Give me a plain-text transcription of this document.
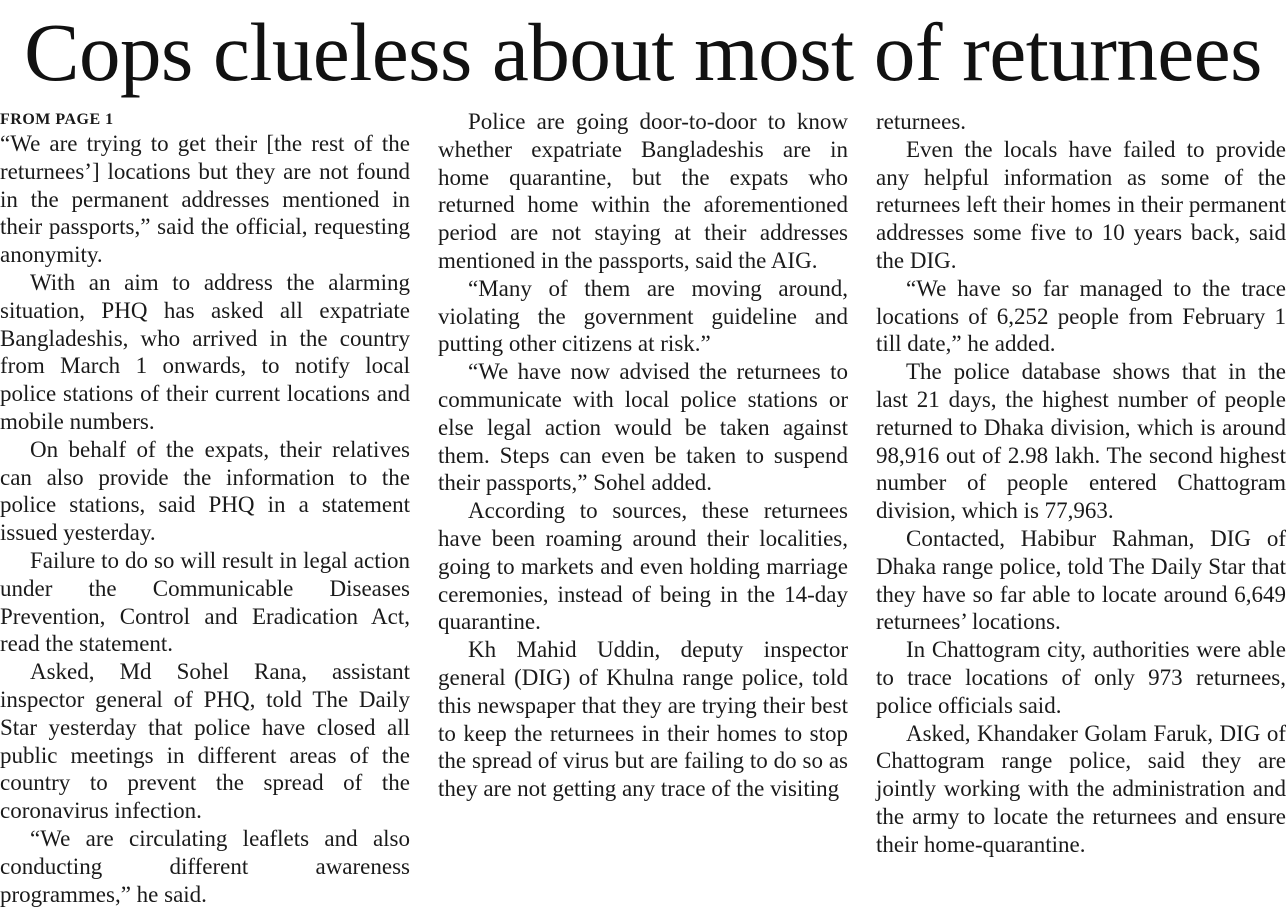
Cops clueless about most of returnees
FROM PAGE 1

“We are trying to get their [the rest of the returnees’] locations but they are not found in the permanent addresses mentioned in their passports,” said the official, requesting anonymity.

With an aim to address the alarming situation, PHQ has asked all expatriate Bangladeshis, who arrived in the country from March 1 onwards, to notify local police stations of their current locations and mobile numbers.

On behalf of the expats, their relatives can also provide the information to the police stations, said PHQ in a statement issued yesterday.

Failure to do so will result in legal action under the Communicable Diseases Prevention, Control and Eradication Act, read the statement.

Asked, Md Sohel Rana, assistant inspector general of PHQ, told The Daily Star yesterday that police have closed all public meetings in different areas of the country to prevent the spread of the coronavirus infection.

“We are circulating leaflets and also conducting different awareness programmes,” he said.

Police are going door-to-door to know whether expatriate Bangladeshis are in home quarantine, but the expats who returned home within the aforementioned period are not staying at their addresses mentioned in the passports, said the AIG.

“Many of them are moving around, violating the government guideline and putting other citizens at risk.”

“We have now advised the returnees to communicate with local police stations or else legal action would be taken against them. Steps can even be taken to suspend their passports,” Sohel added.

According to sources, these returnees have been roaming around their localities, going to markets and even holding marriage ceremonies, instead of being in the 14-day quarantine.

Kh Mahid Uddin, deputy inspector general (DIG) of Khulna range police, told this newspaper that they are trying their best to keep the returnees in their homes to stop the spread of virus but are failing to do so as they are not getting any trace of the visiting

returnees.

Even the locals have failed to provide any helpful information as some of the returnees left their homes in their permanent addresses some five to 10 years back, said the DIG.

“We have so far managed to the trace locations of 6,252 people from February 1 till date,” he added.

The police database shows that in the last 21 days, the highest number of people returned to Dhaka division, which is around 98,916 out of 2.98 lakh. The second highest number of people entered Chattogram division, which is 77,963.

Contacted, Habibur Rahman, DIG of Dhaka range police, told The Daily Star that they have so far able to locate around 6,649 returnees’ locations.

In Chattogram city, authorities were able to trace locations of only 973 returnees, police officials said.

Asked, Khandaker Golam Faruk, DIG of Chattogram range police, said they are jointly working with the administration and the army to locate the returnees and ensure their home-quarantine.
